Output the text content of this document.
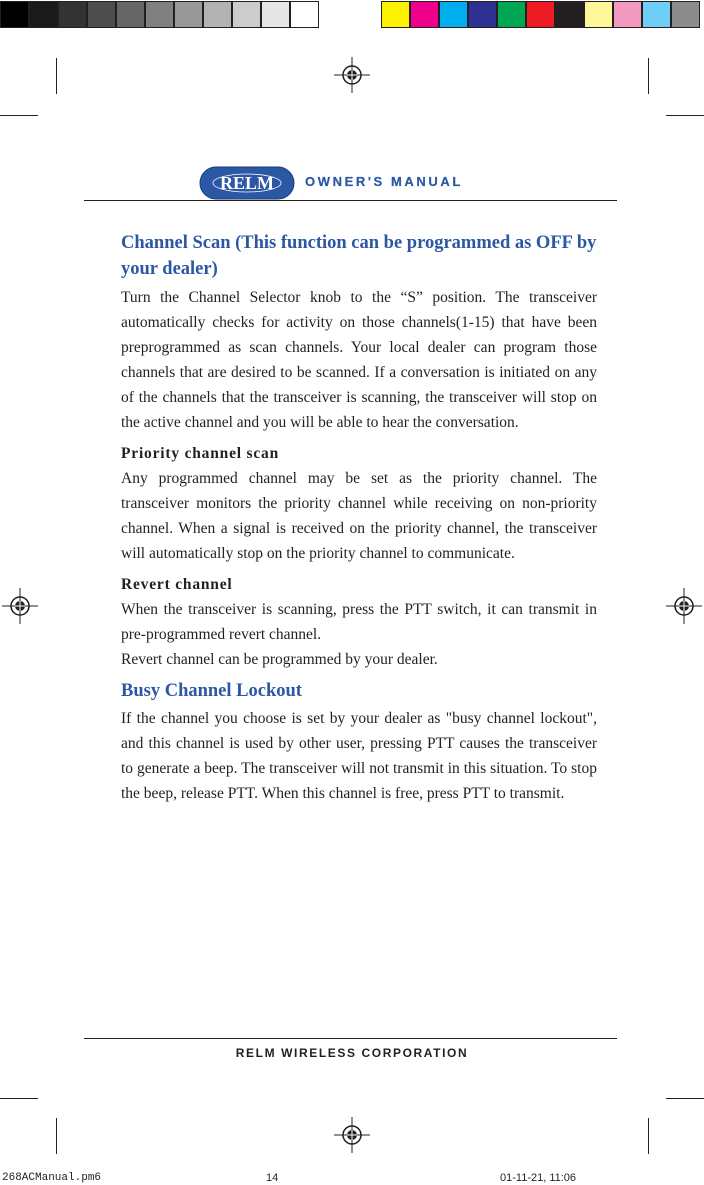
RELM OWNER'S MANUAL

Channel Scan (This function can be programmed as OFF by your dealer)

Turn the Channel Selector knob to the “S” position. The transceiver automatically checks for activity on those channels(1-15) that have been preprogrammed as scan channels. Your local dealer can program those channels that are desired to be scanned. If a conversation is initiated on any of the channels that the transceiver is scanning, the transceiver will stop on the active channel and you will be able to hear the conversation.

Priority channel scan

Any programmed channel may be set as the priority channel. The transceiver monitors the priority channel while receiving on non-priority channel. When a signal is received on the priority channel, the transceiver will automatically stop on the priority channel to communicate.

Revert channel

When the transceiver is scanning, press the PTT switch, it can transmit in pre-programmed revert channel.

Revert channel can be programmed by your dealer.

Busy Channel Lockout

If the channel you choose is set by your dealer as "busy channel lockout", and this channel is used by other user, pressing PTT causes the transceiver to generate a beep. The transceiver will not transmit in this situation. To stop the beep, release PTT. When this channel is free, press PTT to transmit.

RELM WIRELESS CORPORATION
268ACManual.pm6	14	01-11-21, 11:06
